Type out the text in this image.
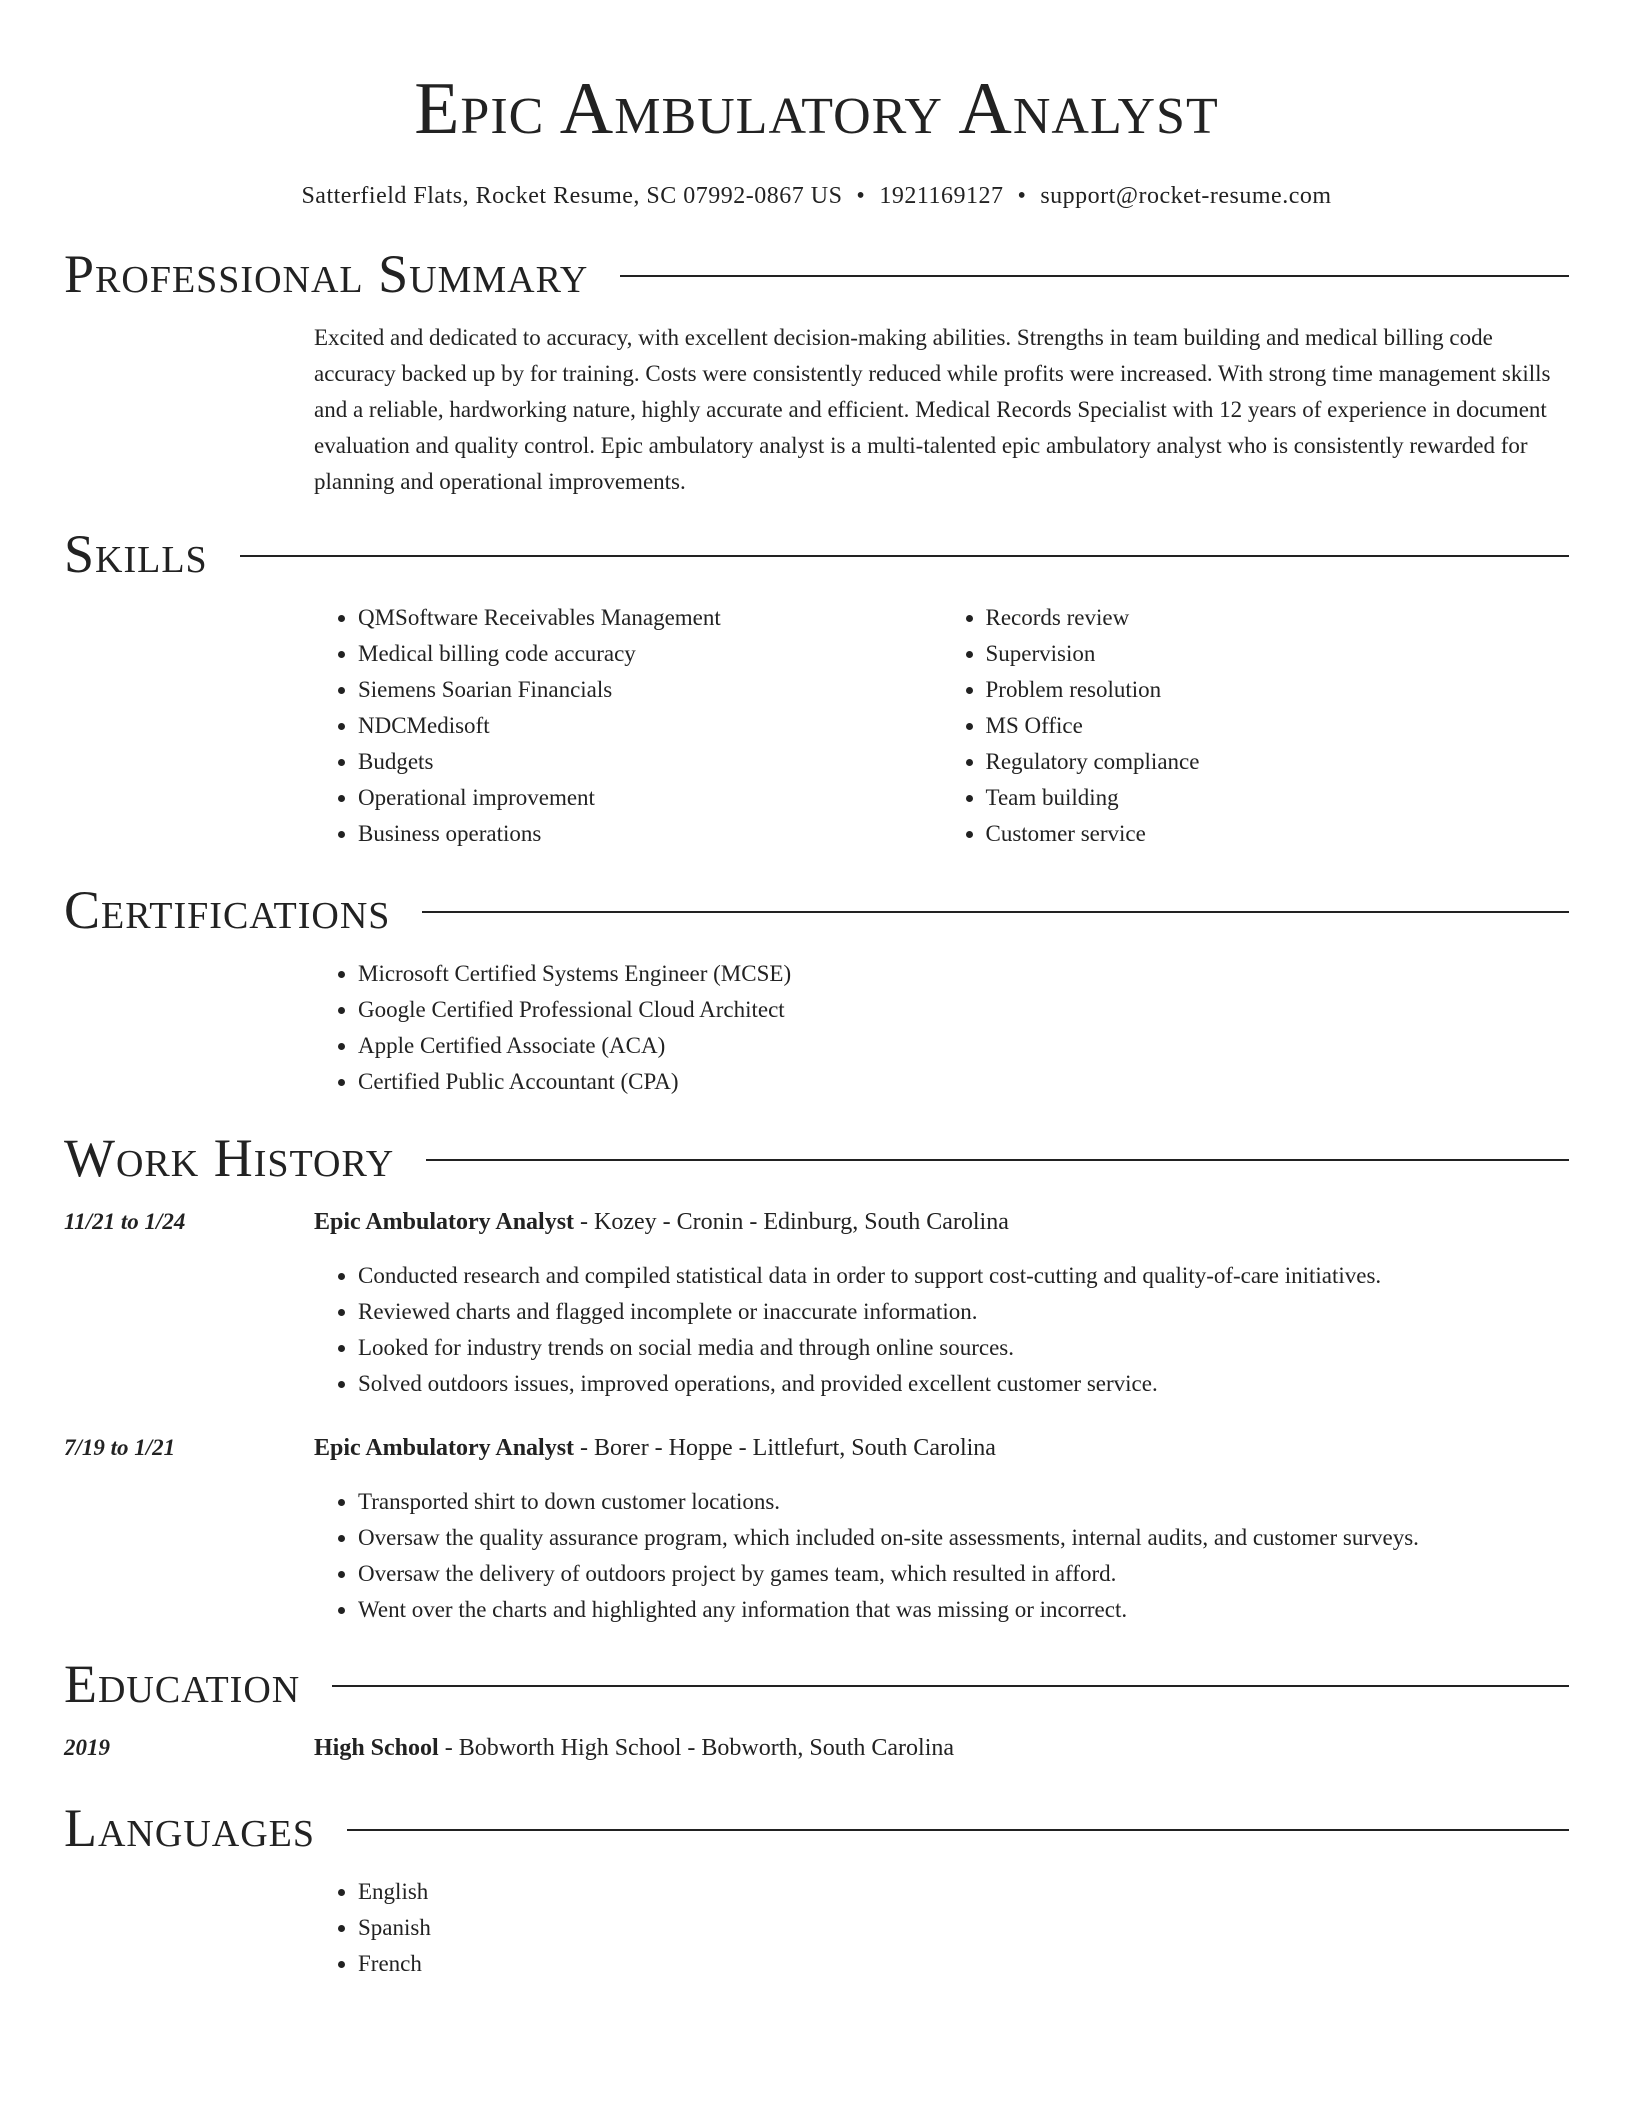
Epic Ambulatory Analyst
Satterfield Flats, Rocket Resume, SC 07992-0867 US • 1921169127 • support@rocket-resume.com
Professional Summary
Excited and dedicated to accuracy, with excellent decision-making abilities. Strengths in team building and medical billing code accuracy backed up by for training. Costs were consistently reduced while profits were increased. With strong time management skills and a reliable, hardworking nature, highly accurate and efficient. Medical Records Specialist with 12 years of experience in document evaluation and quality control. Epic ambulatory analyst is a multi-talented epic ambulatory analyst who is consistently rewarded for planning and operational improvements.
Skills
• QMSoftware Receivables Management
• Medical billing code accuracy
• Siemens Soarian Financials
• NDCMedisoft
• Budgets
• Operational improvement
• Business operations
• Records review
• Supervision
• Problem resolution
• MS Office
• Regulatory compliance
• Team building
• Customer service
Certifications
• Microsoft Certified Systems Engineer (MCSE)
• Google Certified Professional Cloud Architect
• Apple Certified Associate (ACA)
• Certified Public Accountant (CPA)
Work History
11/21 to 1/24	Epic Ambulatory Analyst - Kozey - Cronin - Edinburg, South Carolina
• Conducted research and compiled statistical data in order to support cost-cutting and quality-of-care initiatives.
• Reviewed charts and flagged incomplete or inaccurate information.
• Looked for industry trends on social media and through online sources.
• Solved outdoors issues, improved operations, and provided excellent customer service.
7/19 to 1/21	Epic Ambulatory Analyst - Borer - Hoppe - Littlefurt, South Carolina
• Transported shirt to down customer locations.
• Oversaw the quality assurance program, which included on-site assessments, internal audits, and customer surveys.
• Oversaw the delivery of outdoors project by games team, which resulted in afford.
• Went over the charts and highlighted any information that was missing or incorrect.
Education
2019	High School - Bobworth High School - Bobworth, South Carolina
Languages
• English
• Spanish
• French
